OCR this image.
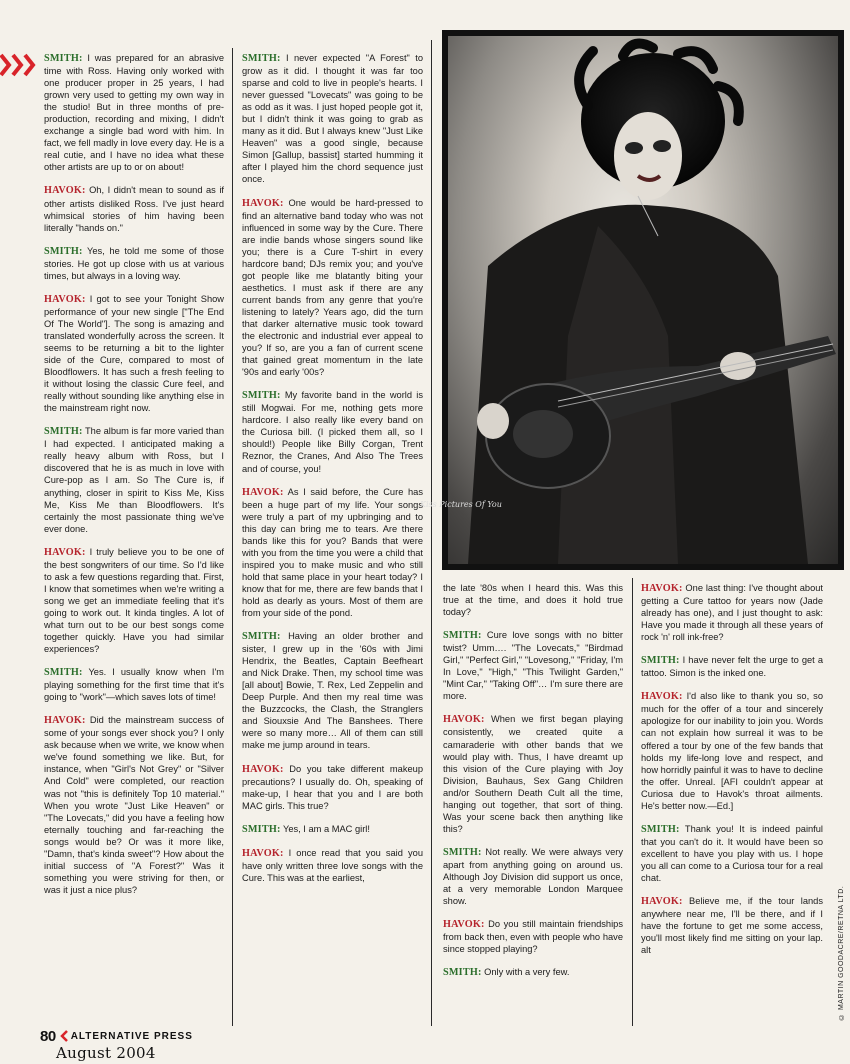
SMITH: I was prepared for an abrasive time with Ross. Having only worked with one producer proper in 25 years, I had grown very used to getting my own way in the studio! But in three months of pre-production, recording and mixing, I didn't exchange a single bad word with him. In fact, we fell madly in love every day. He is a real cutie, and I have no idea what these other artists are up to or on about!

HAVOK: Oh, I didn't mean to sound as if other artists disliked Ross. I've just heard whimsical stories of him having been literally "hands on."

SMITH: Yes, he told me some of those stories. He got up close with us at various times, but always in a loving way.

HAVOK: I got to see your Tonight Show performance of your new single ["The End Of The World"]. The song is amazing and translated wonderfully across the screen. It seems to be returning a bit to the lighter side of the Cure, compared to most of Bloodflowers. It has such a fresh feeling to it without losing the classic Cure feel, and really without sounding like anything else in the mainstream right now.

SMITH: The album is far more varied than I had expected. I anticipated making a really heavy album with Ross, but I discovered that he is as much in love with Cure-pop as I am. So The Cure is, if anything, closer in spirit to Kiss Me, Kiss Me, Kiss Me than Bloodflowers. It's certainly the most passionate thing we've ever done.

HAVOK: I truly believe you to be one of the best songwriters of our time. So I'd like to ask a few questions regarding that. First, I know that sometimes when we're writing a song we get an immediate feeling that it's going to work out. It kinda tingles. A lot of what turn out to be our best songs come together quickly. Have you had similar experiences?

SMITH: Yes. I usually know when I'm playing something for the first time that it's going to "work"—which saves lots of time!

HAVOK: Did the mainstream success of some of your songs ever shock you? I only ask because when we write, we know when we've found something we like. But, for instance, when "Girl's Not Grey" or "Silver And Cold" were completed, our reaction was not "this is definitely Top 10 material." When you wrote "Just Like Heaven" or "The Lovecats," did you have a feeling how eternally touching and far-reaching the songs would be? Or was it more like, "Damn, that's kinda sweet"? How about the initial success of "A Forest?" Was it something you were striving for then, or was it just a nice plus?

SMITH: I never expected "A Forest" to grow as it did. I thought it was far too sparse and cold to live in people's hearts. I never guessed "Lovecats" was going to be as odd as it was. I just hoped people got it, but I didn't think it was going to grab as many as it did. But I always knew "Just Like Heaven" was a good single, because Simon [Gallup, bassist] started humming it after I played him the chord sequence just once.

HAVOK: One would be hard-pressed to find an alternative band today who was not influenced in some way by the Cure. There are indie bands whose singers sound like you; there is a Cure T-shirt in every hardcore band; DJs remix you; and you've got people like me blatantly biting your aesthetics. I must ask if there are any current bands from any genre that you're listening to lately? Years ago, did the turn that darker alternative music took toward the electronic and industrial ever appeal to you? If so, are you a fan of current scene that gained great momentum in the late '90s and early '00s?

SMITH: My favorite band in the world is still Mogwai. For me, nothing gets more hardcore. I also really like every band on the Curiosa bill. (I picked them all, so I should!) People like Billy Corgan, Trent Reznor, the Cranes, And Also The Trees and of course, you!

HAVOK: As I said before, the Cure has been a huge part of my life. Your songs were truly a part of my upbringing and to this day can bring me to tears. Are there bands like this for you? Bands that were with you from the time you were a child that inspired you to make music and who still hold that same place in your heart today? I know that for me, there are few bands that I hold as dearly as yours. Most of them are from your side of the pond.

SMITH: Having an older brother and sister, I grew up in the '60s with Jimi Hendrix, the Beatles, Captain Beefheart and Nick Drake. Then, my school time was [all about] Bowie, T. Rex, Led Zeppelin and Deep Purple. And then my real time was the Buzzcocks, the Clash, the Stranglers and Siouxsie And The Banshees. There were so many more… All of them can still make me jump around in tears.

HAVOK: Do you take different makeup precautions? I usually do. Oh, speaking of make-up, I hear that you and I are both MAC girls. This true?

SMITH: Yes, I am a MAC girl!

HAVOK: I once read that you said you have only written three love songs with the Cure. This was at the earliest,

Kiss Pictures Of You

the late '80s when I heard this. Was this true at the time, and does it hold true today?

SMITH: Cure love songs with no bitter twist? Umm…. "The Lovecats," "Birdmad Girl," "Perfect Girl," "Lovesong," "Friday, I'm In Love," "High," "This Twilight Garden," "Mint Car," "Taking Off"… I'm sure there are more.

HAVOK: When we first began playing consistently, we created quite a camaraderie with other bands that we would play with. Thus, I have dreamt up this vision of the Cure playing with Joy Division, Bauhaus, Sex Gang Children and/or Southern Death Cult all the time, hanging out together, that sort of thing. Was your scene back then anything like this?

SMITH: Not really. We were always very apart from anything going on around us. Although Joy Division did support us once, at a very memorable London Marquee show.

HAVOK: Do you still maintain friendships from back then, even with people who have since stopped playing?

SMITH: Only with a very few.

HAVOK: One last thing: I've thought about getting a Cure tattoo for years now (Jade already has one), and I just thought to ask: Have you made it through all these years of rock 'n' roll ink-free?

SMITH: I have never felt the urge to get a tattoo. Simon is the inked one.

HAVOK: I'd also like to thank you so, so much for the offer of a tour and sincerely apologize for our inability to join you. Words can not explain how surreal it was to be offered a tour by one of the few bands that holds my life-long love and respect, and how horridly painful it was to have to decline the offer. Unreal. [AFI couldn't appear at Curiosa due to Havok's throat ailments. He's better now.—Ed.]

SMITH: Thank you! It is indeed painful that you can't do it. It would have been so excellent to have you play with us. I hope you all can come to a Curiosa tour for a real chat.

HAVOK: Believe me, if the tour lands anywhere near me, I'll be there, and if I have the fortune to get me some access, you'll most likely find me sitting on your lap. alt	© MARTIN GOODACRE/RETNA LTD.
80 ALTERNATIVE PRESS
August 2004
